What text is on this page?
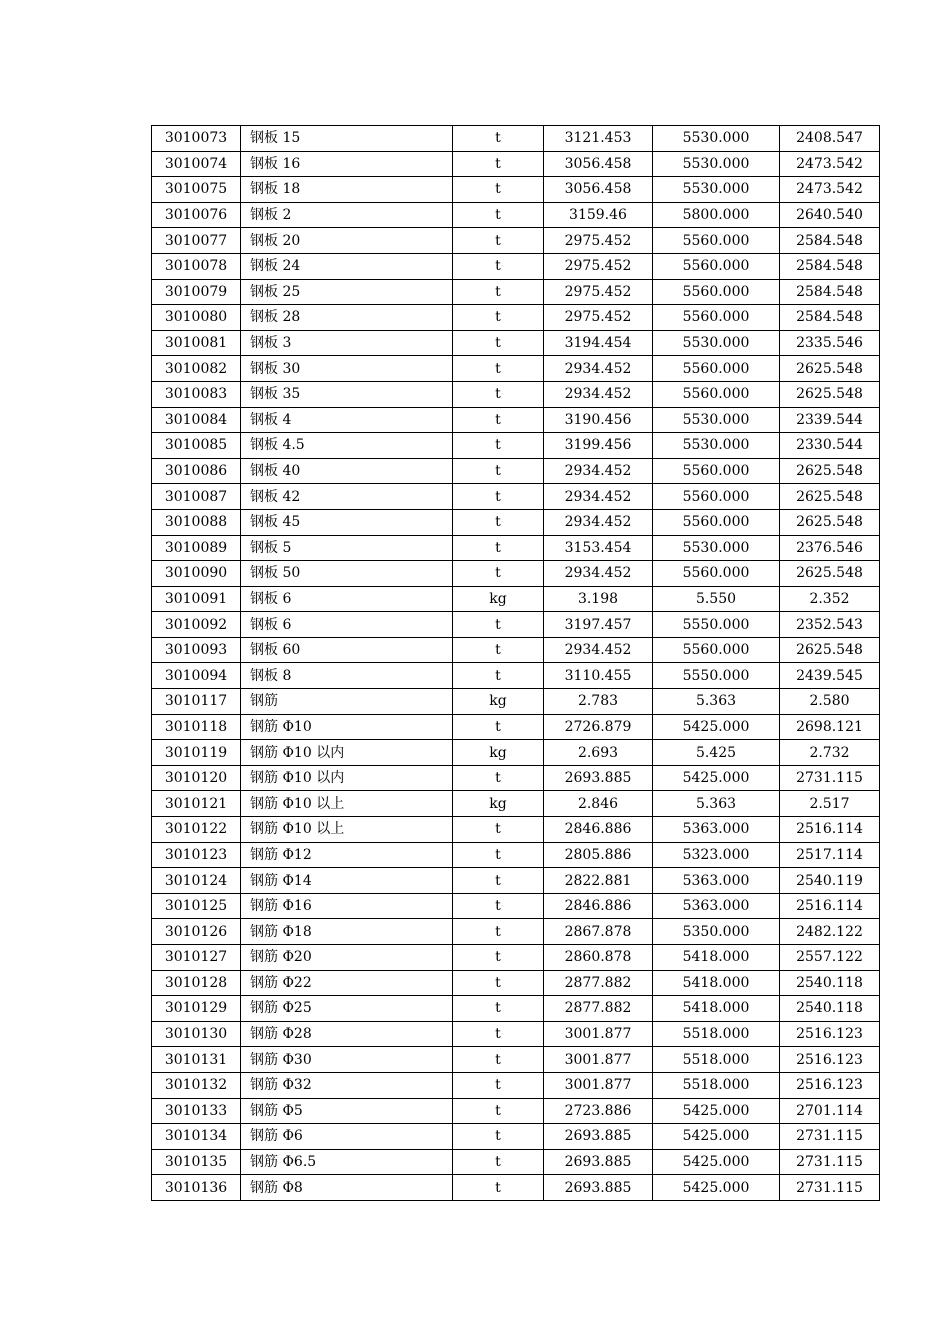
3010073	钢板 15	t	3121.453	5530.000	2408.547
3010074	钢板 16	t	3056.458	5530.000	2473.542
3010075	钢板 18	t	3056.458	5530.000	2473.542
3010076	钢板 2	t	3159.46	5800.000	2640.540
3010077	钢板 20	t	2975.452	5560.000	2584.548
3010078	钢板 24	t	2975.452	5560.000	2584.548
3010079	钢板 25	t	2975.452	5560.000	2584.548
3010080	钢板 28	t	2975.452	5560.000	2584.548
3010081	钢板 3	t	3194.454	5530.000	2335.546
3010082	钢板 30	t	2934.452	5560.000	2625.548
3010083	钢板 35	t	2934.452	5560.000	2625.548
3010084	钢板 4	t	3190.456	5530.000	2339.544
3010085	钢板 4.5	t	3199.456	5530.000	2330.544
3010086	钢板 40	t	2934.452	5560.000	2625.548
3010087	钢板 42	t	2934.452	5560.000	2625.548
3010088	钢板 45	t	2934.452	5560.000	2625.548
3010089	钢板 5	t	3153.454	5530.000	2376.546
3010090	钢板 50	t	2934.452	5560.000	2625.548
3010091	钢板 6	kg	3.198	5.550	2.352
3010092	钢板 6	t	3197.457	5550.000	2352.543
3010093	钢板 60	t	2934.452	5560.000	2625.548
3010094	钢板 8	t	3110.455	5550.000	2439.545
3010117	钢筋	kg	2.783	5.363	2.580
3010118	钢筋 Φ10	t	2726.879	5425.000	2698.121
3010119	钢筋 Φ10 以内	kg	2.693	5.425	2.732
3010120	钢筋 Φ10 以内	t	2693.885	5425.000	2731.115
3010121	钢筋 Φ10 以上	kg	2.846	5.363	2.517
3010122	钢筋 Φ10 以上	t	2846.886	5363.000	2516.114
3010123	钢筋 Φ12	t	2805.886	5323.000	2517.114
3010124	钢筋 Φ14	t	2822.881	5363.000	2540.119
3010125	钢筋 Φ16	t	2846.886	5363.000	2516.114
3010126	钢筋 Φ18	t	2867.878	5350.000	2482.122
3010127	钢筋 Φ20	t	2860.878	5418.000	2557.122
3010128	钢筋 Φ22	t	2877.882	5418.000	2540.118
3010129	钢筋 Φ25	t	2877.882	5418.000	2540.118
3010130	钢筋 Φ28	t	3001.877	5518.000	2516.123
3010131	钢筋 Φ30	t	3001.877	5518.000	2516.123
3010132	钢筋 Φ32	t	3001.877	5518.000	2516.123
3010133	钢筋 Φ5	t	2723.886	5425.000	2701.114
3010134	钢筋 Φ6	t	2693.885	5425.000	2731.115
3010135	钢筋 Φ6.5	t	2693.885	5425.000	2731.115
3010136	钢筋 Φ8	t	2693.885	5425.000	2731.115
